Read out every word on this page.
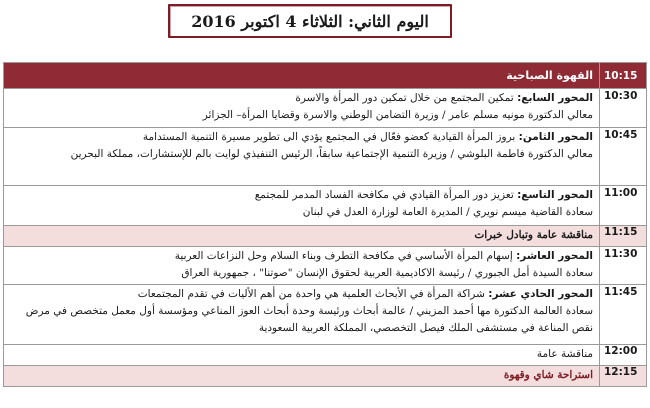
اليوم الثاني: الثلاثاء 4 اكتوبر 2016
القهوة الصباحية	10:15

المحور السابع: تمكين المجتمع من خلال تمكين دور المرأة والاسرة
معالي الدكتورة مونيه مسلم عامر / وزيرة التضامن الوطني والاسرة وقضايا المرأة– الجزائر	10:30

المحور الثامن: بروز المرأة القيادية كعضو فعّال في المجتمع يؤدي الى تطوير مسيرة التنمية المستدامة
معالي الدكتورة فاطمة البلوشي / وزيرة التنمية الإجتماعية سابقاً، الرئيس التنفيذي لوايت بالم للإستشارات، مملكة البحرين	10:45

المحور التاسع: تعزيز دور المرأة القيادي في مكافحة الفساد المدمر للمجتمع
سعادة القاضية ميسم نويري / المديرة العامة لوزارة العدل في لبنان	11:00
مناقشة عامة وتبادل خبرات	11:15

المحور العاشر: إسهام المرأة الأساسي في مكافحة التطرف وبناء السلام وحل النزاعات العربية
سعادة السيدة أمل الجبوري / رئيسة الاكاديمية العربية لحقوق الإنسان "صوتنا" ، جمهورية العراق	11:30

المحور الحادي عشر: شراكة المرأة في الأبحاث العلمية هي واحدة من أهم الأليات في تقدم المجتمعات
سعادة العالمة الدكتورة مها أحمد المزيني / عالمة أبحاث ورئيسة وحدة أبحاث العوز المناعي ومؤسسة أول معمل متخصص في مرض نقص المناعة في مستشفى الملك فيصل التخصصي، المملكة العربية السعودية	11:45
مناقشة عامة	12:00
استراحة شاي وقهوة	12:15
